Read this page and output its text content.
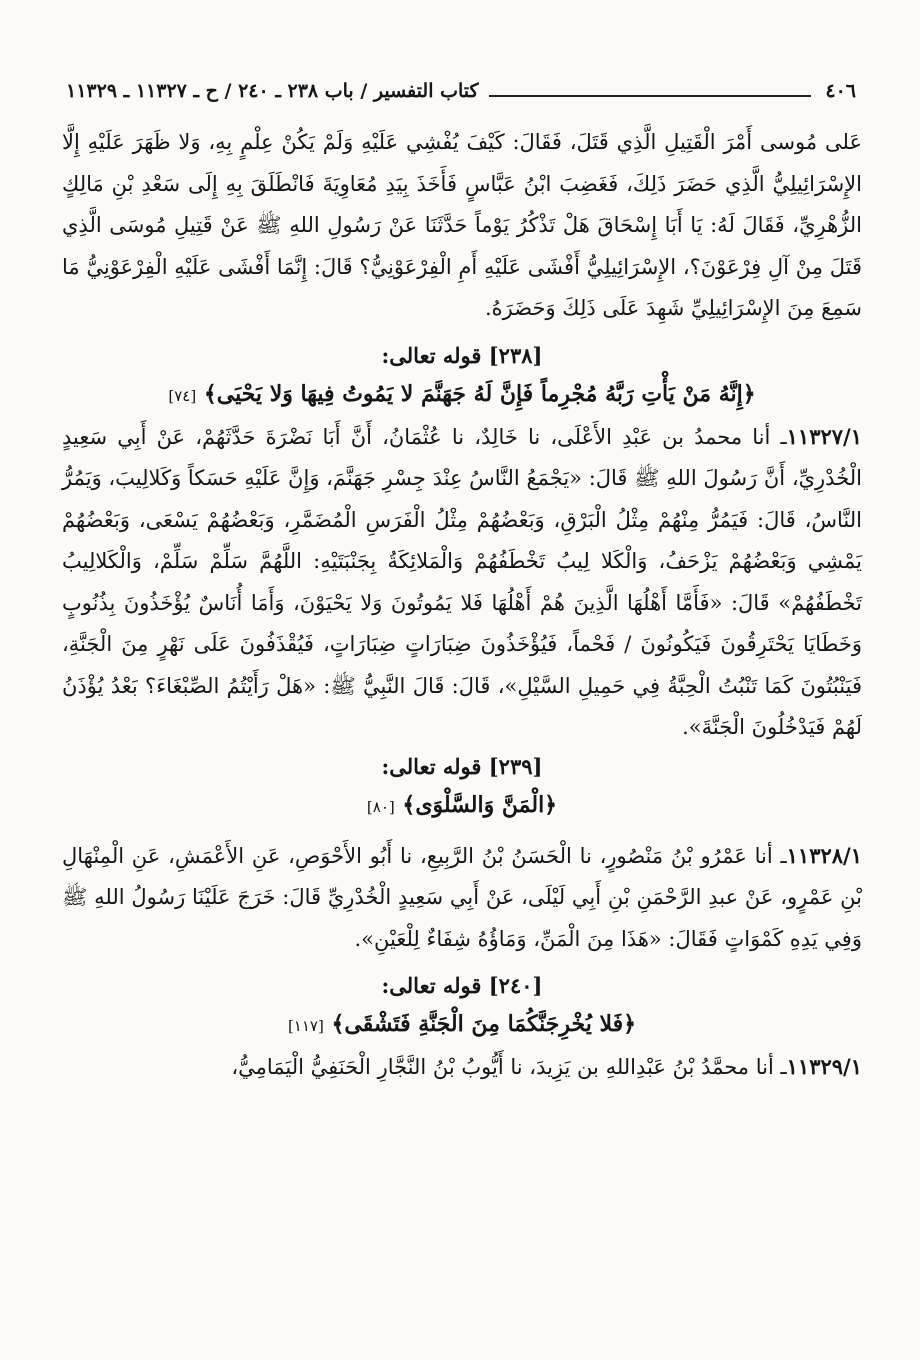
٤٠٦
كتاب التفسير / باب ٢٣٨ ـ ٢٤٠ / ح ـ ١١٣٢٧ ـ ١١٣٢٩

عَلى مُوسى أَمْرَ الْقَتِيلِ الَّذِي قَتَلَ، فَقَالَ: كَيْفَ يُفْشِي عَلَيْهِ وَلَمْ يَكُنْ عِلْمٍ بِهِ، وَلا ظَهَرَ عَلَيْهِ إِلَّا الإِسْرَائِيلِيُّ الَّذِي حَضَرَ ذَلِكَ، فَغَضِبَ ابْنُ عَبَّاسٍ فَأَخَذَ بِيَدِ مُعَاوِيَةَ فَانْطَلَقَ بِهِ إِلَى سَعْدِ بْنِ مَالِكٍ الزُّهْرِيِّ، فَقَالَ لَهُ: يَا أَبَا إِسْحَاقَ هَلْ تَذْكُرُ يَوْماً حَدَّثَنَا عَنْ رَسُولِ اللهِ ﷺ عَنْ قَتِيلِ مُوسَى الَّذِي قَتَلَ مِنْ آلِ فِرْعَوْنَ؟، الإِسْرَائِيلِيُّ أَفْشَى عَلَيْهِ أَمِ الْفِرْعَوْنِيُّ؟ قَالَ: إِنَّمَا أَفْشَى عَلَيْهِ الْفِرْعَوْنِيُّ مَا سَمِعَ مِنَ الإِسْرَائِيلِيِّ شَهِدَ عَلَى ذَلِكَ وَحَضَرَهُ.

[٢٣٨] قوله تعالى:

﴿إِنَّهُ مَنْ يَأْتِ رَبَّهُ مُجْرِماً فَإِنَّ لَهُ جَهَنَّمَ لا يَمُوتُ فِيهَا وَلا يَحْيَى﴾ [٧٤]

١١٣٢٧/١ـ أنا محمدُ بن عَبْدِ الأَعْلَى، نا خَالِدٌ، نا عُثْمَانُ، أَنَّ أَبَا نَضْرَةَ حَدَّثَهُمْ، عَنْ أَبِي سَعِيدٍ الْخُدْرِيِّ، أَنَّ رَسُولَ اللهِ ﷺ قَالَ: «يَجْمَعُ النَّاسُ عِنْدَ جِسْرِ جَهَنَّمَ، وَإِنَّ عَلَيْهِ حَسَكاً وَكَلالِيبَ، وَيَمُرُّ النَّاسُ، قَالَ: فَيَمُرُّ مِنْهُمْ مِثْلُ الْبَرْقِ، وَبَعْضُهُمْ مِثْلُ الْفَرَسِ الْمُضَمَّرِ، وَبَعْضُهُمْ يَسْعَى، وَبَعْضُهُمْ يَمْشِي وَبَعْضُهُمْ يَزْحَفُ، وَالْكَلا لِيبُ تَخْطَفُهُمْ وَالْمَلائِكَةُ بِجَنْبَتَيْهِ: اللَّهُمَّ سَلِّمْ سَلِّمْ، وَالْكَلالِيبُ تَخْطَفُهُمْ» قَالَ: «فَأَمَّا أَهْلُهَا الَّذِينَ هُمْ أَهْلُهَا فَلا يَمُوتُونَ وَلا يَحْيَوْنَ، وَأَمَا أُنَاسٌ يُؤْخَذُونَ بِذُنُوبٍ وَخَطَايَا يَحْتَرِقُونَ فَيَكُونُونَ / فَحْماً، فَيُؤْخَذُونَ ضِبَارَاتٍ ضِبَارَاتٍ، فَيُقْذَفُونَ عَلَى نَهْرٍ مِنَ الْجَنَّةِ، فَيَنْبُتُونَ كَمَا تَنْبُتُ الْحِبَّةُ فِي حَمِيلِ السَّيْلِ»، قَالَ: قَالَ النَّبِيُّ ﷺ: «هَلْ رَأَيْتُمُ الصِّبْغَاءَ؟ بَعْدُ يُؤْذَنُ لَهُمْ فَيَدْخُلُونَ الْجَنَّةَ».

[٢٣٩] قوله تعالى:

﴿الْمَنَّ وَالسَّلْوَى﴾ [٨٠]

١١٣٢٨/١ـ أنا عَمْرُو بْنُ مَنْصُورٍ، نا الْحَسَنُ بْنُ الرَّبِيعِ، نا أَبُو الأَحْوَصِ، عَنِ الأَعْمَشِ، عَنِ الْمِنْهَالِ بْنِ عَمْرٍو، عَنْ عبدِ الرَّحْمَنِ بْنِ أَبِي لَيْلَى، عَنْ أَبِي سَعِيدٍ الْخُدْرِيِّ قَالَ: خَرَجَ عَلَيْنَا رَسُولُ اللهِ ﷺ وَفِي يَدِهِ كَمْوَاتٍ فَقَالَ: «هَذَا مِنَ الْمَنِّ، وَمَاؤُهُ شِفَاءٌ لِلْعَيْنِ».

[٢٤٠] قوله تعالى:

﴿فَلا يُخْرِجَنَّكُمَا مِنَ الْجَنَّةِ فَتَشْقَى﴾ [١١٧]

١١٣٢٩/١ـ أنا محمَّدُ بْنُ عَبْدِاللهِ بن يَزِيدَ، نا أَيُّوبُ بْنُ النَّجَّارِ الْحَنَفِيُّ الْيَمَامِيُّ،
